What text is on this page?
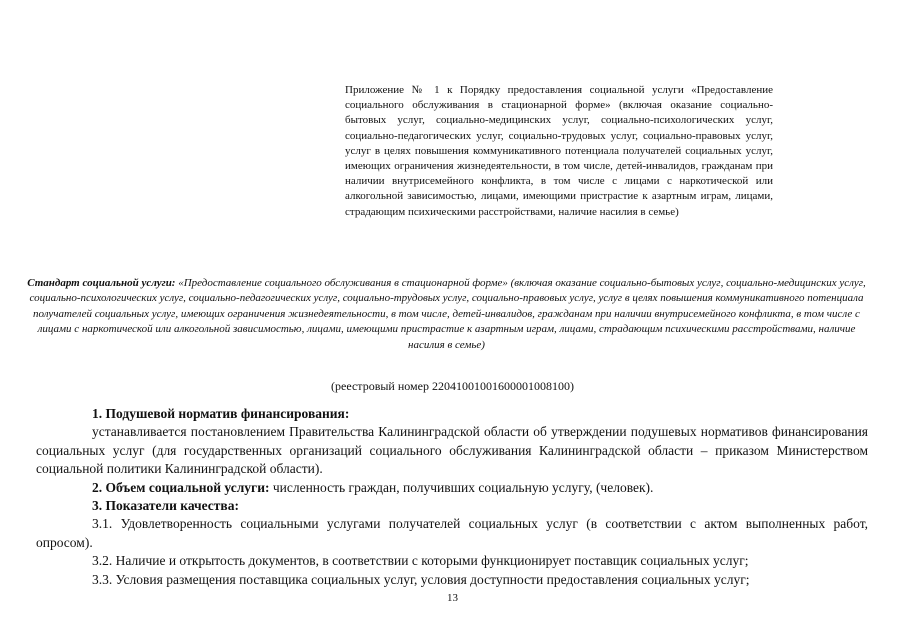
Приложение № 1 к Порядку предоставления социальной услуги «Предоставление социального обслуживания в стационарной форме» (включая оказание социально-бытовых услуг, социально-медицинских услуг, социально-психологических услуг, социально-педагогических услуг, социально-трудовых услуг, социально-правовых услуг, услуг в целях повышения коммуникативного потенциала получателей социальных услуг, имеющих ограничения жизнедеятельности, в том числе, детей-инвалидов, гражданам при наличии внутрисемейного конфликта, в том числе с лицами с наркотической или алкогольной зависимостью, лицами, имеющими пристрастие к азартным играм, лицами, страдающим психическими расстройствами, наличие насилия в семье)
Стандарт социальной услуги: «Предоставление социального обслуживания в стационарной форме» (включая оказание социально-бытовых услуг, социально-медицинских услуг, социально-психологических услуг, социально-педагогических услуг, социально-трудовых услуг, социально-правовых услуг, услуг в целях повышения коммуникативного потенциала получателей социальных услуг, имеющих ограничения жизнедеятельности, в том числе, детей-инвалидов, гражданам при наличии внутрисемейного конфликта, в том числе с лицами с наркотической или алкогольной зависимостью, лицами, имеющими пристрастие к азартным играм, лицами, страдающим психическими расстройствами, наличие насилия в семье)
(реестровый номер 22041001001600001008100)

1. Подушевой норматив финансирования:

устанавливается постановлением Правительства Калининградской области об утверждении подушевых нормативов финансирования социальных услуг (для государственных организаций социального обслуживания Калининградской области – приказом Министерством социальной политики Калининградской области).

2. Объем социальной услуги: численность граждан, получивших социальную услугу, (человек).

3. Показатели качества:

3.1. Удовлетворенность социальными услугами получателей социальных услуг (в соответствии с актом выполненных работ, опросом).

3.2. Наличие и открытость документов, в соответствии с которыми функционирует поставщик социальных услуг;

3.3. Условия размещения поставщика социальных услуг, условия доступности предоставления социальных услуг;

13
